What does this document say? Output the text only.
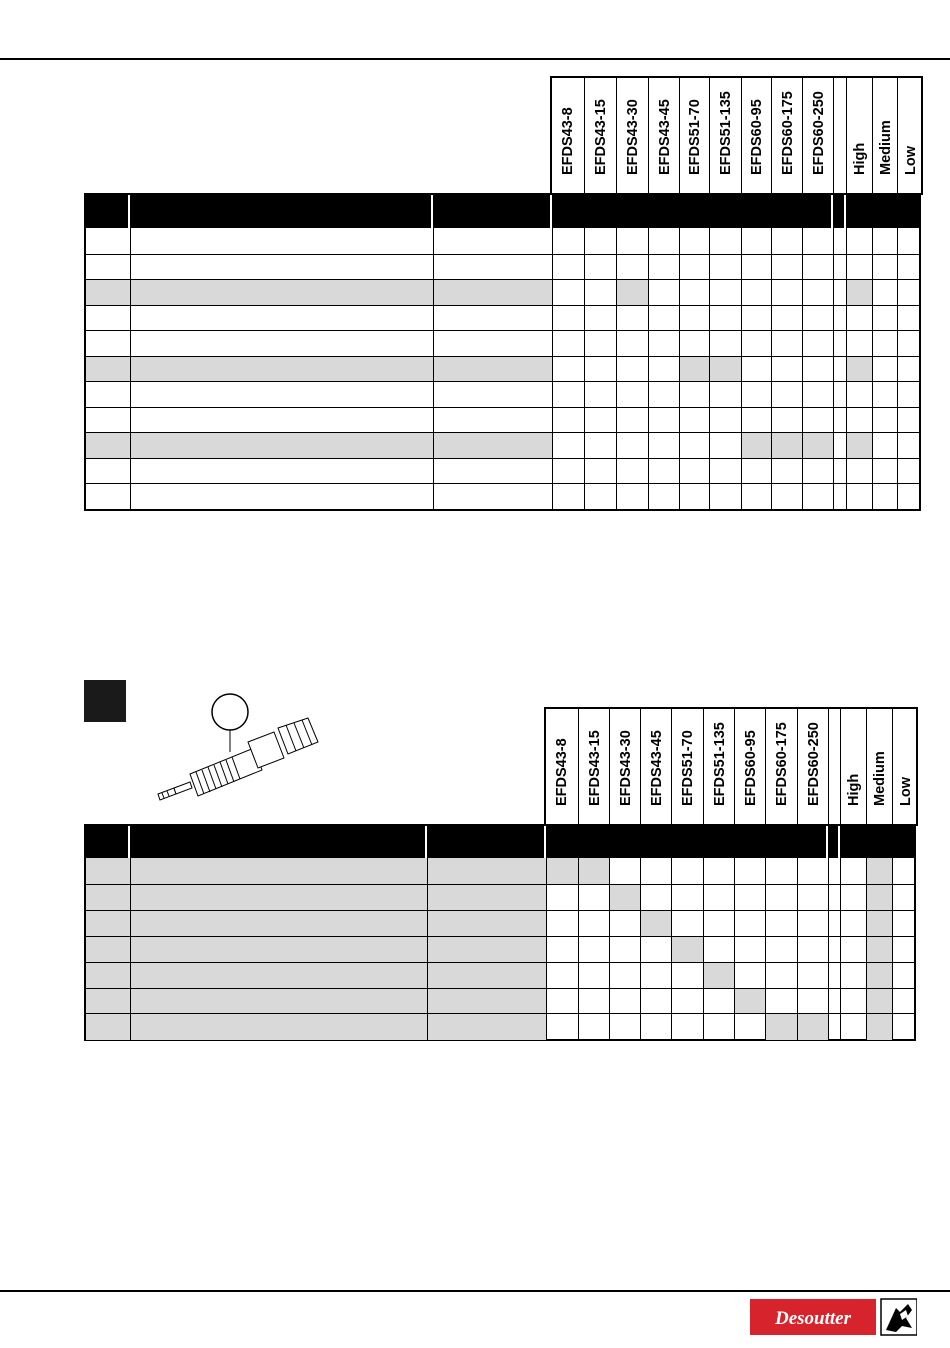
EFDS43-8 EFDS43-15 EFDS43-30 EFDS43-45 EFDS51-70 EFDS51-135 EFDS60-95 EFDS60-175 EFDS60-250 High Medium Low
EFDS43-8 EFDS43-15 EFDS43-30 EFDS43-45 EFDS51-70 EFDS51-135 EFDS60-95 EFDS60-175 EFDS60-250 High Medium Low
Desoutter
